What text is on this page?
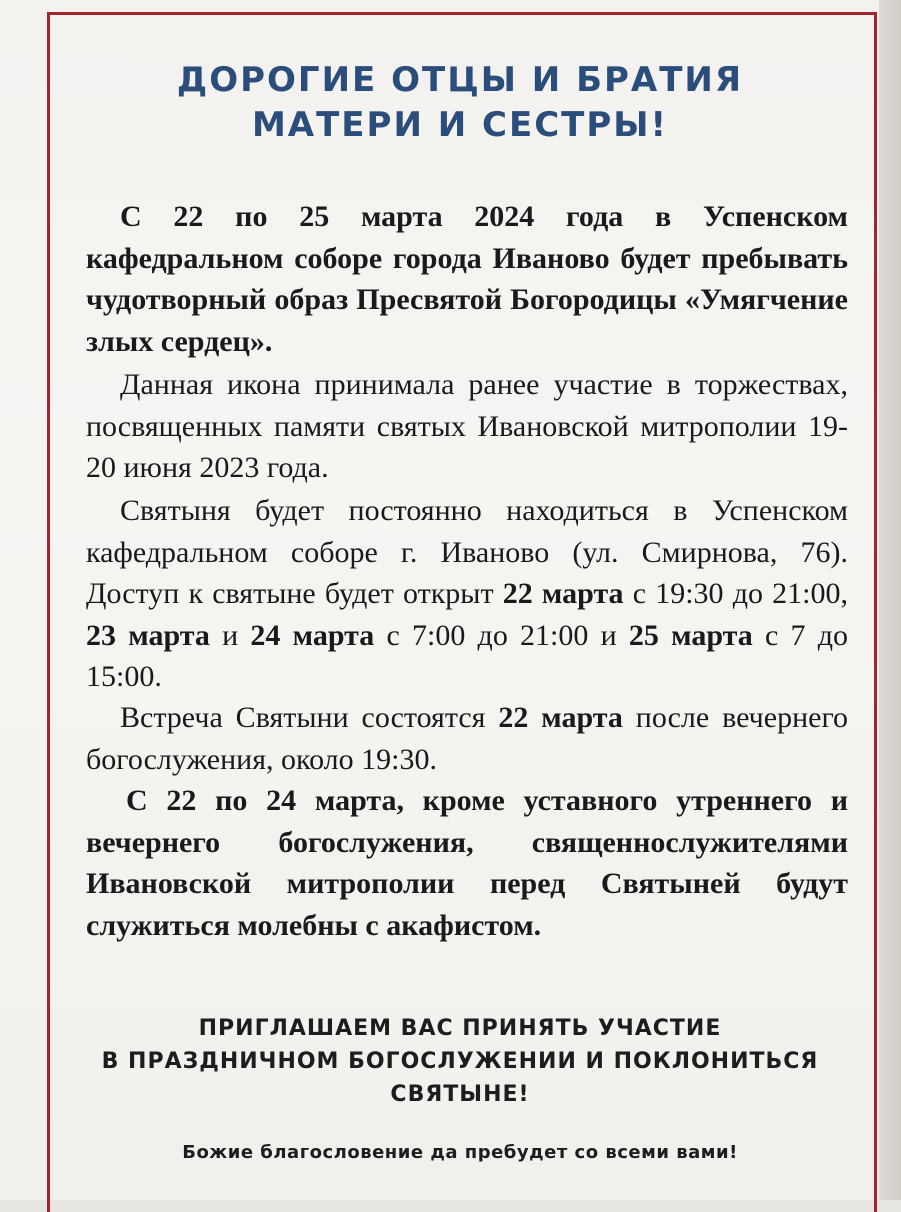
ДОРОГИЕ ОТЦЫ И БРАТИЯ
МАТЕРИ И СЕСТРЫ!

С 22 по 25 марта 2024 года в Успенском кафедральном соборе города Иваново будет пребывать чудотворный образ Пресвятой Богородицы «Умягчение злых сердец».

Данная икона принимала ранее участие в торжествах, посвященных памяти святых Ивановской митрополии 19-20 июня 2023 года.

Святыня будет постоянно находиться в Успенском кафедральном соборе г. Иваново (ул. Смирнова, 76). Доступ к святыне будет открыт 22 марта с 19:30 до 21:00, 23 марта и 24 марта с 7:00 до 21:00 и 25 марта с 7 до 15:00.

Встреча Святыни состоятся 22 марта после вечернего богослужения, около 19:30.

С 22 по 24 марта, кроме уставного утреннего и вечернего богослужения, священнослужителями Ивановской митрополии перед Святыней будут служиться молебны с акафистом.

ПРИГЛАШАЕМ ВАС ПРИНЯТЬ УЧАСТИЕ
В ПРАЗДНИЧНОМ БОГОСЛУЖЕНИИ И ПОКЛОНИТЬСЯ
СВЯТЫНЕ!
Божие благословение да пребудет со всеми вами!
